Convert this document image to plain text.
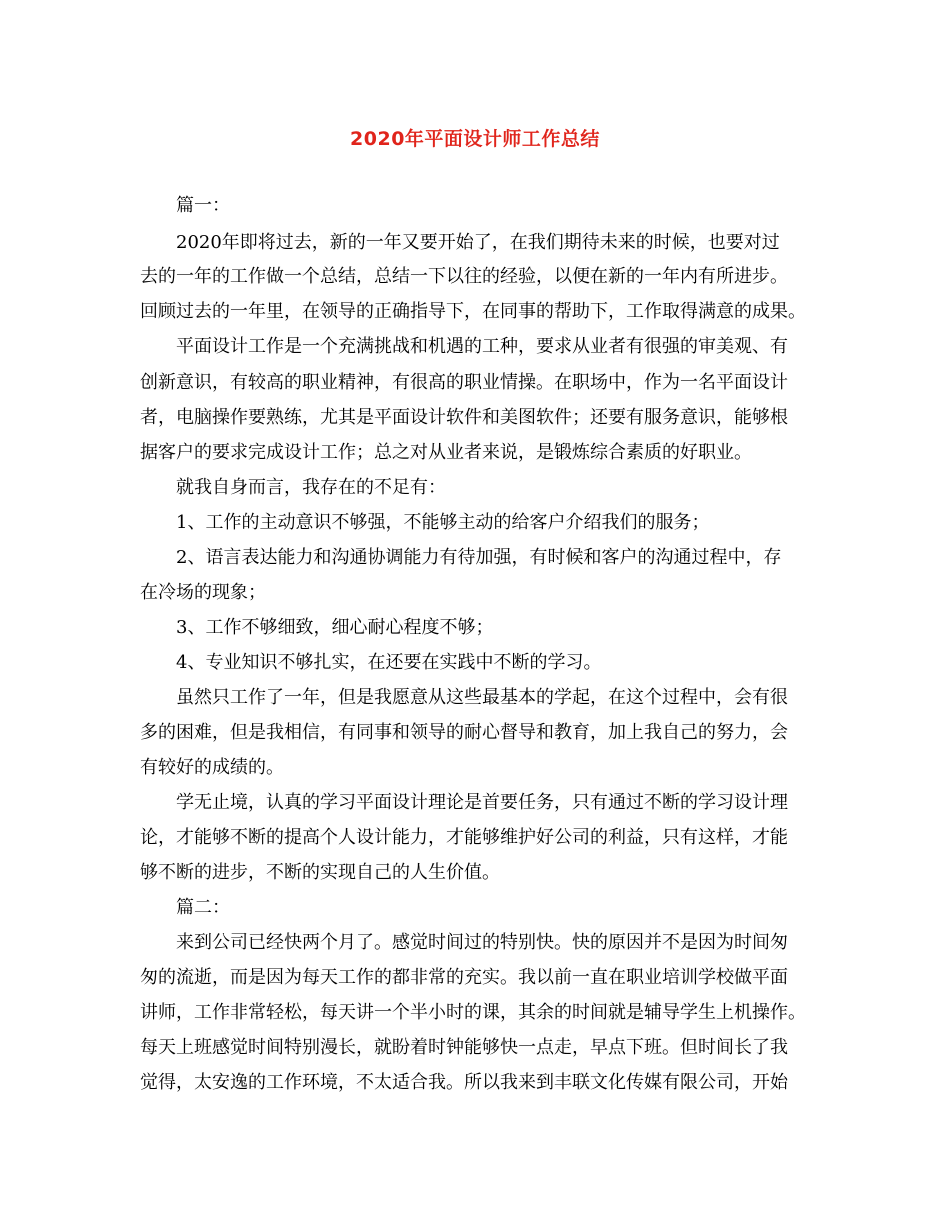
2020年平面设计师工作总结
篇一：
2020年即将过去，新的一年又要开始了，在我们期待未来的时候，也要对过
去的一年的工作做一个总结，总结一下以往的经验，以便在新的一年内有所进步。
回顾过去的一年里，在领导的正确指导下，在同事的帮助下，工作取得满意的成果。
平面设计工作是一个充满挑战和机遇的工种，要求从业者有很强的审美观、有
创新意识，有较高的职业精神，有很高的职业情操。在职场中，作为一名平面设计
者，电脑操作要熟练，尤其是平面设计软件和美图软件；还要有服务意识，能够根
据客户的要求完成设计工作；总之对从业者来说，是锻炼综合素质的好职业。
就我自身而言，我存在的不足有：
1、工作的主动意识不够强，不能够主动的给客户介绍我们的服务；
2、语言表达能力和沟通协调能力有待加强，有时候和客户的沟通过程中，存
在冷场的现象；
3、工作不够细致，细心耐心程度不够；
4、专业知识不够扎实，在还要在实践中不断的学习。
虽然只工作了一年，但是我愿意从这些最基本的学起，在这个过程中，会有很
多的困难，但是我相信，有同事和领导的耐心督导和教育，加上我自己的努力，会
有较好的成绩的。
学无止境，认真的学习平面设计理论是首要任务，只有通过不断的学习设计理
论，才能够不断的提高个人设计能力，才能够维护好公司的利益，只有这样，才能
够不断的进步，不断的实现自己的人生价值。
篇二：
来到公司已经快两个月了。感觉时间过的特别快。快的原因并不是因为时间匆
匆的流逝，而是因为每天工作的都非常的充实。我以前一直在职业培训学校做平面
讲师，工作非常轻松，每天讲一个半小时的课，其余的时间就是辅导学生上机操作。
每天上班感觉时间特别漫长，就盼着时钟能够快一点走，早点下班。但时间长了我
觉得，太安逸的工作环境，不太适合我。所以我来到丰联文化传媒有限公司，开始
